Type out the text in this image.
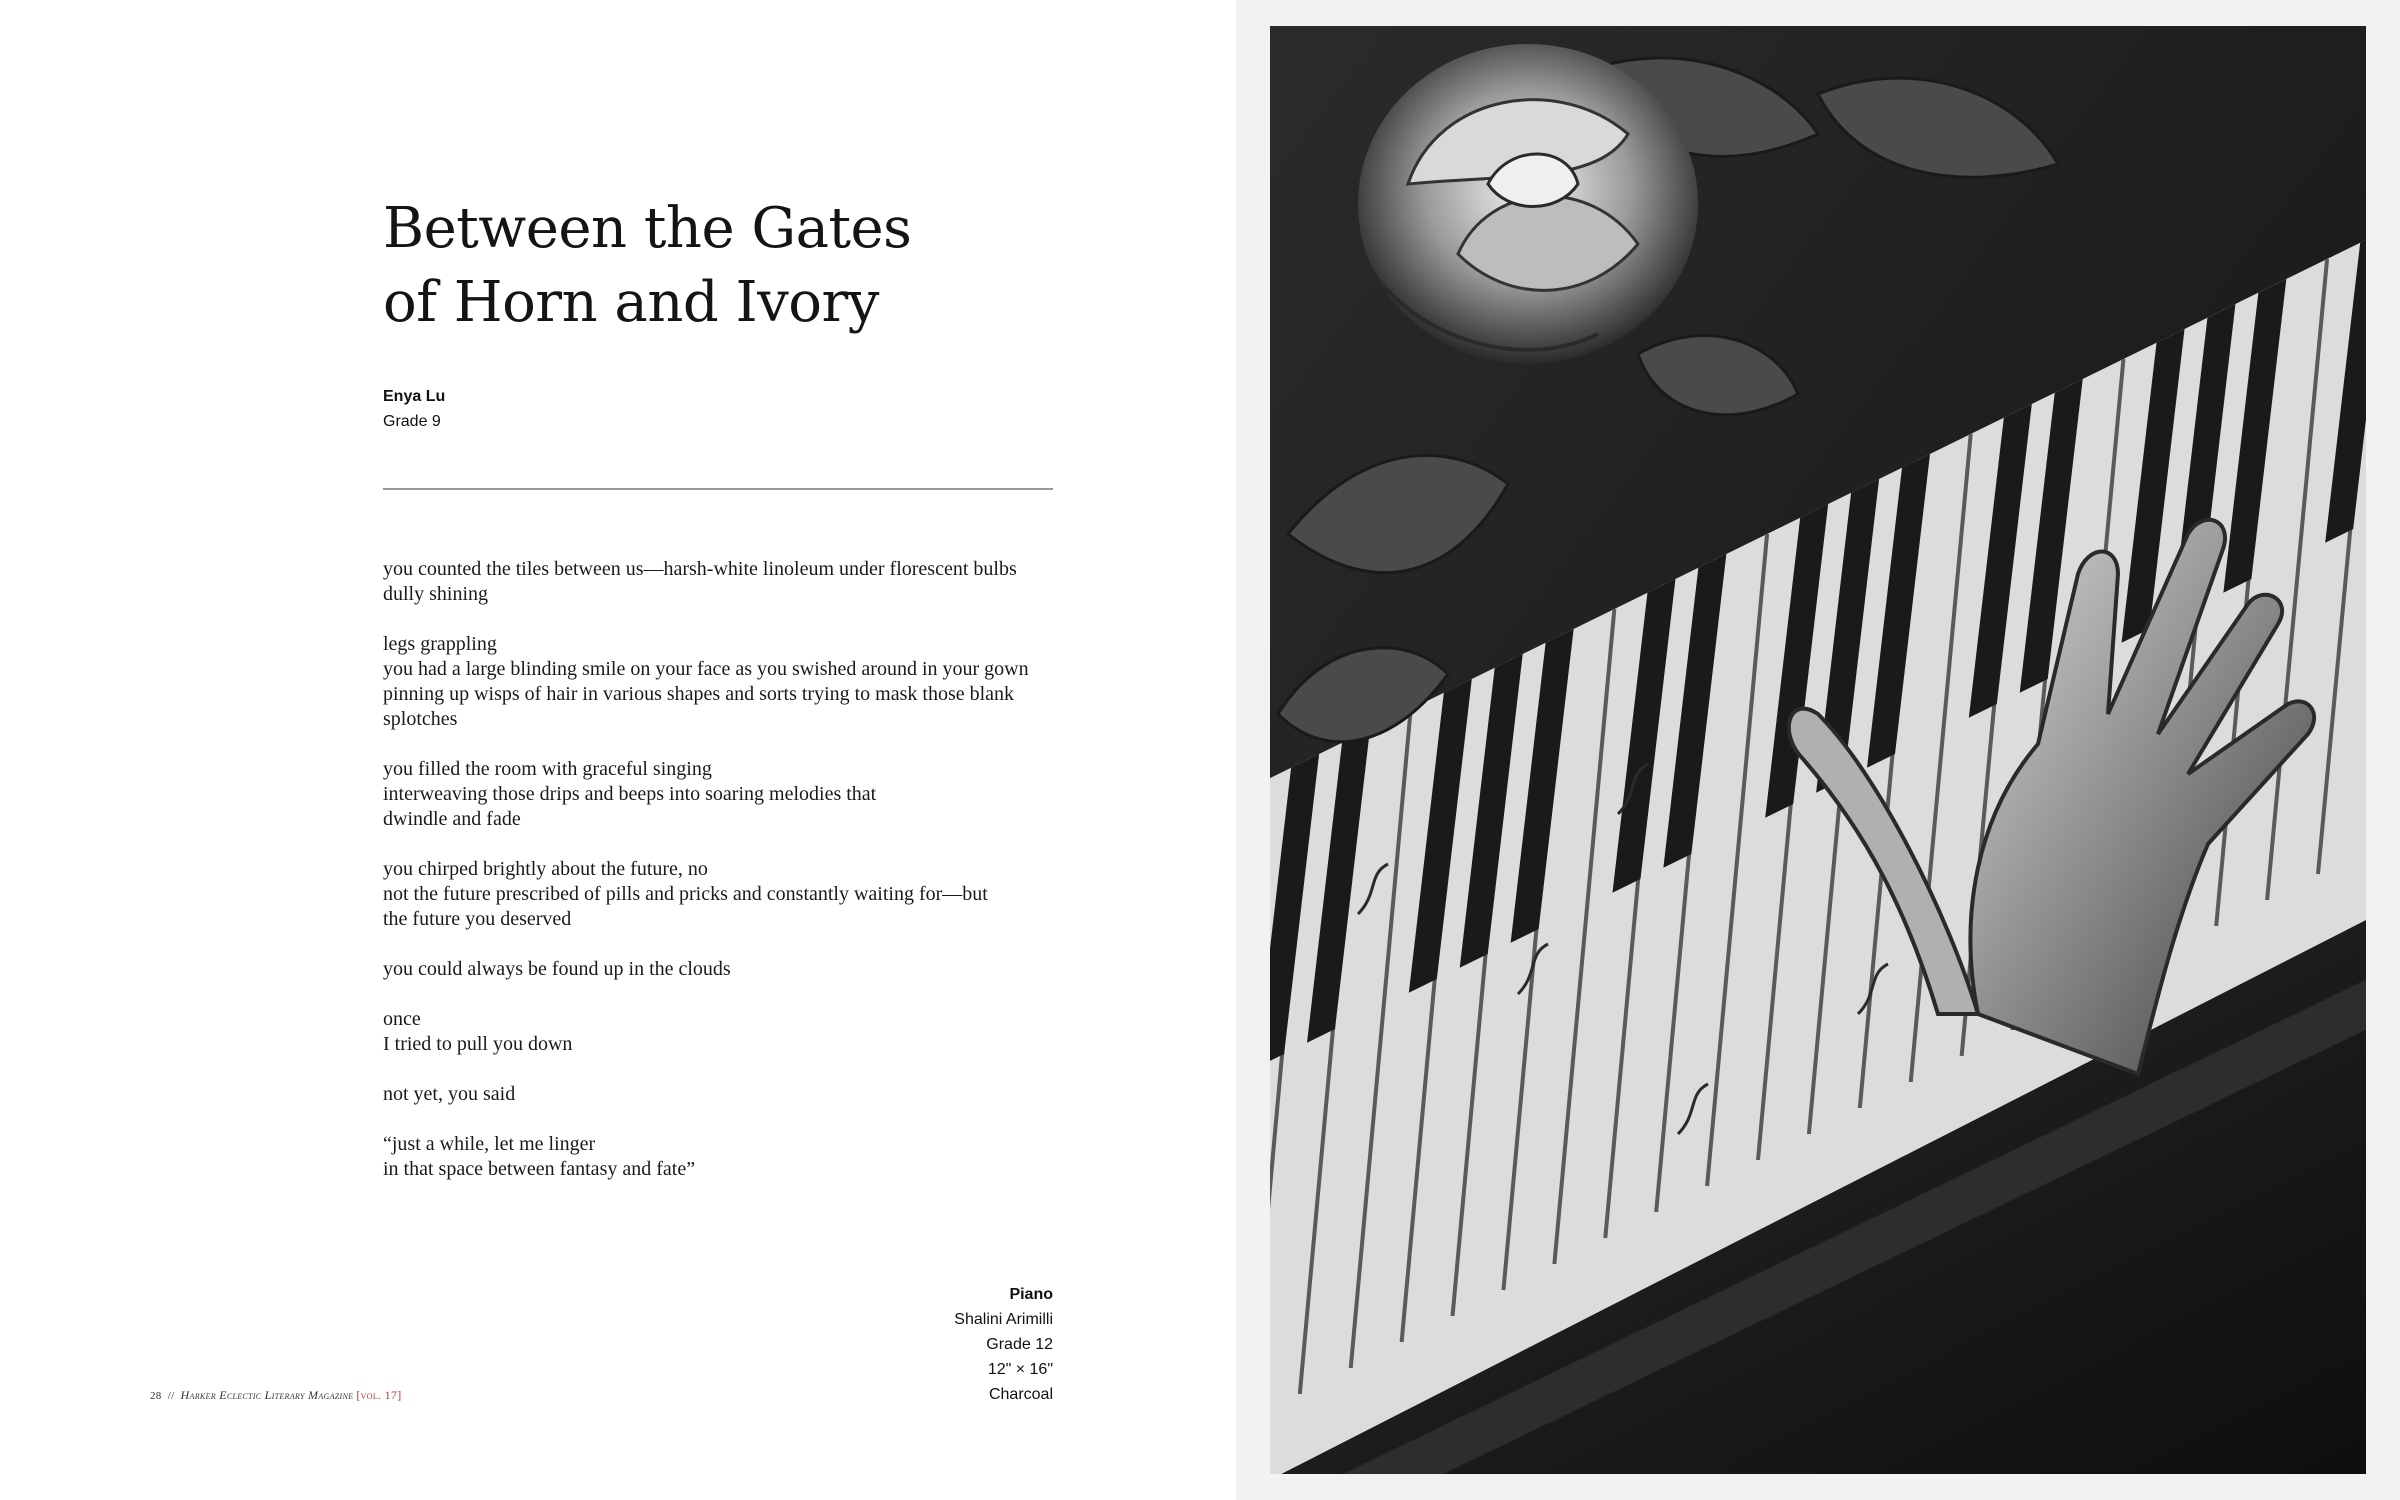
Between the Gates
of Horn and Ivory
Enya Lu
Grade 9
you counted the tiles between us—harsh-white linoleum under florescent bulbs
dully shining
legs grappling
you had a large blinding smile on your face as you swished around in your gown
pinning up wisps of hair in various shapes and sorts trying to mask those blank
splotches
you filled the room with graceful singing
interweaving those drips and beeps into soaring melodies that
dwindle and fade
you chirped brightly about the future, no
not the future prescribed of pills and pricks and constantly waiting for—but
the future you deserved
you could always be found up in the clouds
once
I tried to pull you down
not yet, you said
“just a while, let me linger
in that space between fantasy and fate”
Piano
Shalini Arimilli
Grade 12
12" × 16"
Charcoal
28 // Harker Eclectic Literary Magazine [vol. 17]
